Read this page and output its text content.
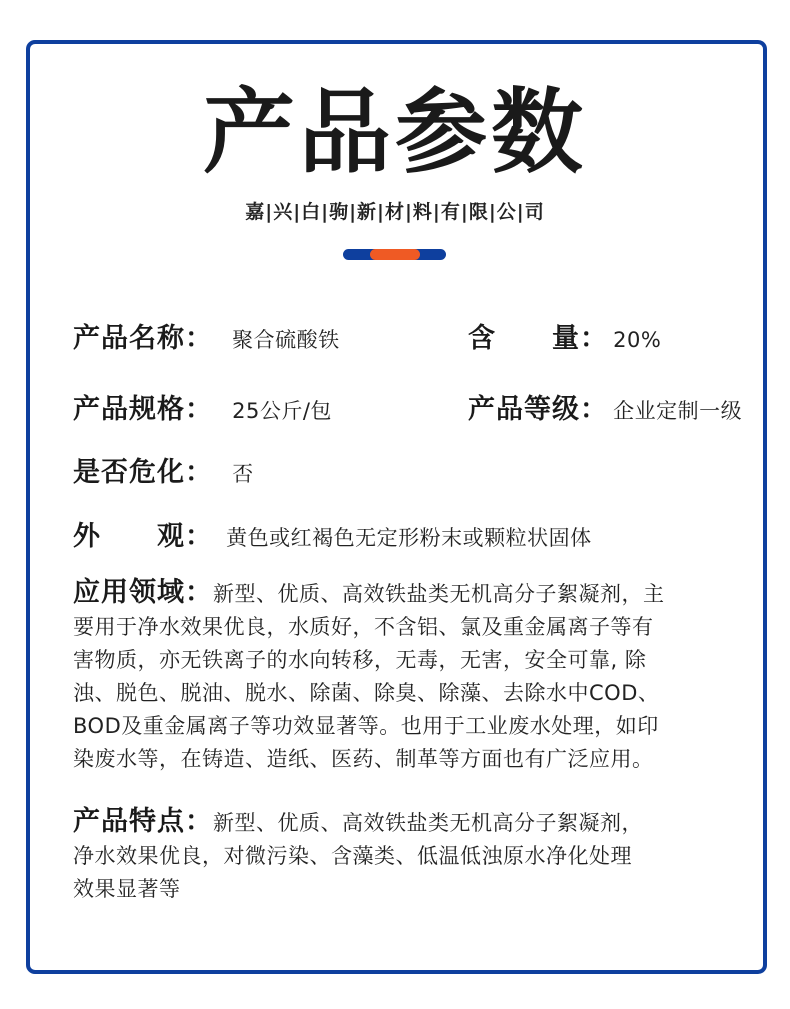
产品参数
嘉|兴|白|驹|新|材|料|有|限|公|司
产品名称： 聚合硫酸铁	含　　量： 20%
产品规格： 25公斤/包	产品等级： 企业定制一级
是否危化： 否
外　　观： 黄色或红褐色无定形粉末或颗粒状固体
应用领域：新型、优质、高效铁盐类无机高分子絮凝剂，主
要用于净水效果优良，水质好，不含铝、氯及重金属离子等有
害物质，亦无铁离子的水向转移，无毒，无害，安全可靠, 除
浊、脱色、脱油、脱水、除菌、除臭、除藻、去除水中COD、
BOD及重金属离子等功效显著等。也用于工业废水处理，如印
染废水等，在铸造、造纸、医药、制革等方面也有广泛应用。
产品特点：新型、优质、高效铁盐类无机高分子絮凝剂，
净水效果优良，对微污染、含藻类、低温低浊原水净化处理
效果显著等
